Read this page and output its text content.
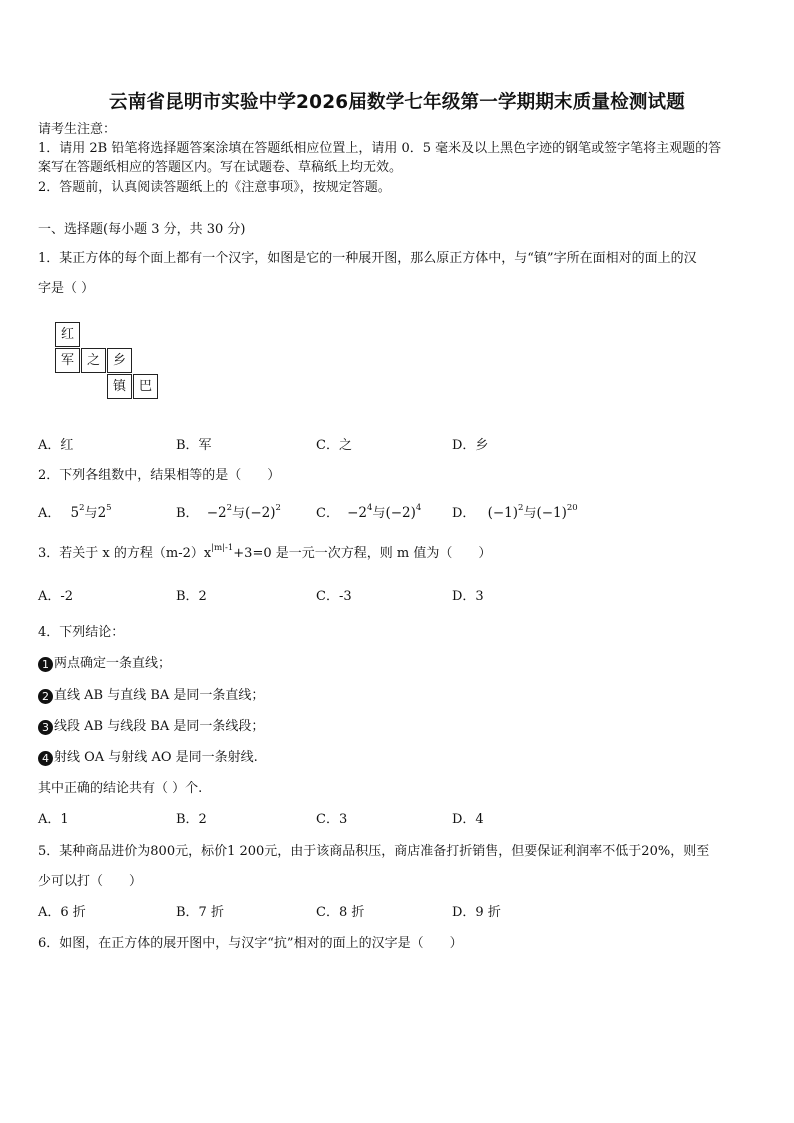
云南省昆明市实验中学2026届数学七年级第一学期期末质量检测试题
请考生注意：
1．请用 2B 铅笔将选择题答案涂填在答题纸相应位置上，请用 0．5 毫米及以上黑色字迹的钢笔或签字笔将主观题的答
案写在答题纸相应的答题区内。写在试题卷、草稿纸上均无效。
2．答题前，认真阅读答题纸上的《注意事项》，按规定答题。
一、选择题(每小题 3 分，共 30 分)
1．某正方体的每个面上都有一个汉字，如图是它的一种展开图，那么原正方体中，与“镇”字所在面相对的面上的汉
字是（ ）
红
军 之 乡
镇 巴
A．红	B．军	C．之	D．乡
2．下列各组数中，结果相等的是（　　）
A． $5^2$与$2^5$	B． $-2^2$与$(-2)^2$	C． $-2^4$与$(-2)^4$ D． $(-1)^2$与$(-1)^{20}$
3．若关于 x 的方程$(m-2)x^{|m|-1}+3=0$ 是一元一次方程，则 m 值为（　　）
A．-2	B．2	C．-3	D．3
4．下列结论：
1 两点确定一条直线；
2 直线 AB 与直线 BA 是同一条直线；
3 线段 AB 与线段 BA 是同一条线段；
4 射线 OA 与射线 AO 是同一条射线.
其中正确的结论共有（ ）个.
A．1	B．2	C．3	D．4
5．某种商品进价为800元，标价1 200元，由于该商品积压，商店准备打折销售，但要保证利润率不低于20%，则至
少可以打（　　）
A．6 折	B．7 折	C．8 折	D．9 折
6．如图，在正方体的展开图中，与汉字“抗”相对的面上的汉字是（　　）
